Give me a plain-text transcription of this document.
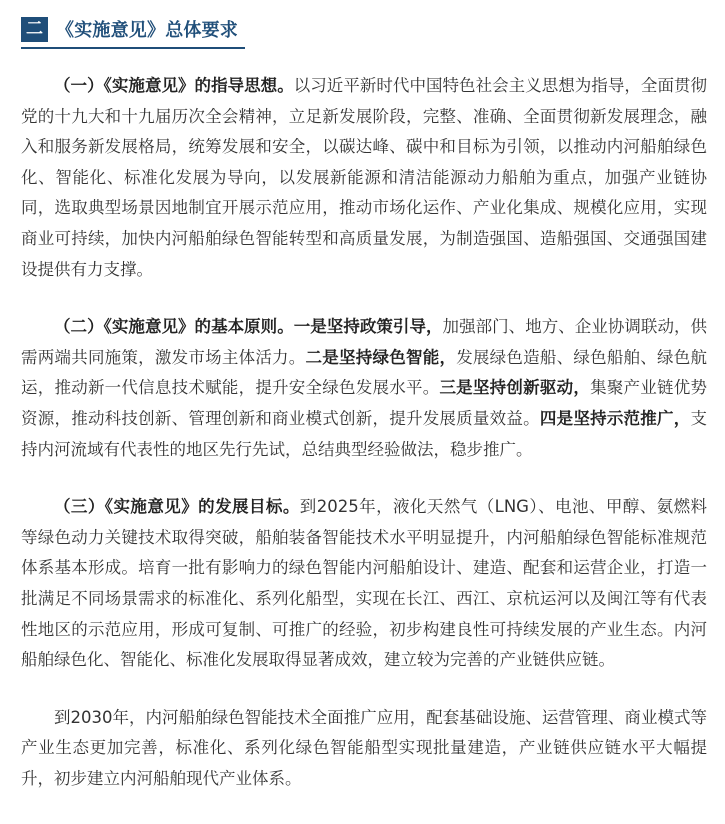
二 《实施意见》总体要求

（一）《实施意见》的指导思想。以习近平新时代中国特色社会主义思想为指导，全面贯彻党的十九大和十九届历次全会精神，立足新发展阶段，完整、准确、全面贯彻新发展理念，融入和服务新发展格局，统筹发展和安全，以碳达峰、碳中和目标为引领，以推动内河船舶绿色化、智能化、标准化发展为导向，以发展新能源和清洁能源动力船舶为重点，加强产业链协同，选取典型场景因地制宜开展示范应用，推动市场化运作、产业化集成、规模化应用，实现商业可持续，加快内河船舶绿色智能转型和高质量发展，为制造强国、造船强国、交通强国建设提供有力支撑。

（二）《实施意见》的基本原则。一是坚持政策引导，加强部门、地方、企业协调联动，供需两端共同施策，激发市场主体活力。二是坚持绿色智能，发展绿色造船、绿色船舶、绿色航运，推动新一代信息技术赋能，提升安全绿色发展水平。三是坚持创新驱动，集聚产业链优势资源，推动科技创新、管理创新和商业模式创新，提升发展质量效益。四是坚持示范推广，支持内河流域有代表性的地区先行先试，总结典型经验做法，稳步推广。

（三）《实施意见》的发展目标。到2025年，液化天然气（LNG）、电池、甲醇、氨燃料等绿色动力关键技术取得突破，船舶装备智能技术水平明显提升，内河船舶绿色智能标准规范体系基本形成。培育一批有影响力的绿色智能内河船舶设计、建造、配套和运营企业，打造一批满足不同场景需求的标准化、系列化船型，实现在长江、西江、京杭运河以及闽江等有代表性地区的示范应用，形成可复制、可推广的经验，初步构建良性可持续发展的产业生态。内河船舶绿色化、智能化、标准化发展取得显著成效，建立较为完善的产业链供应链。

到2030年，内河船舶绿色智能技术全面推广应用，配套基础设施、运营管理、商业模式等产业生态更加完善，标准化、系列化绿色智能船型实现批量建造，产业链供应链水平大幅提升，初步建立内河船舶现代产业体系。
